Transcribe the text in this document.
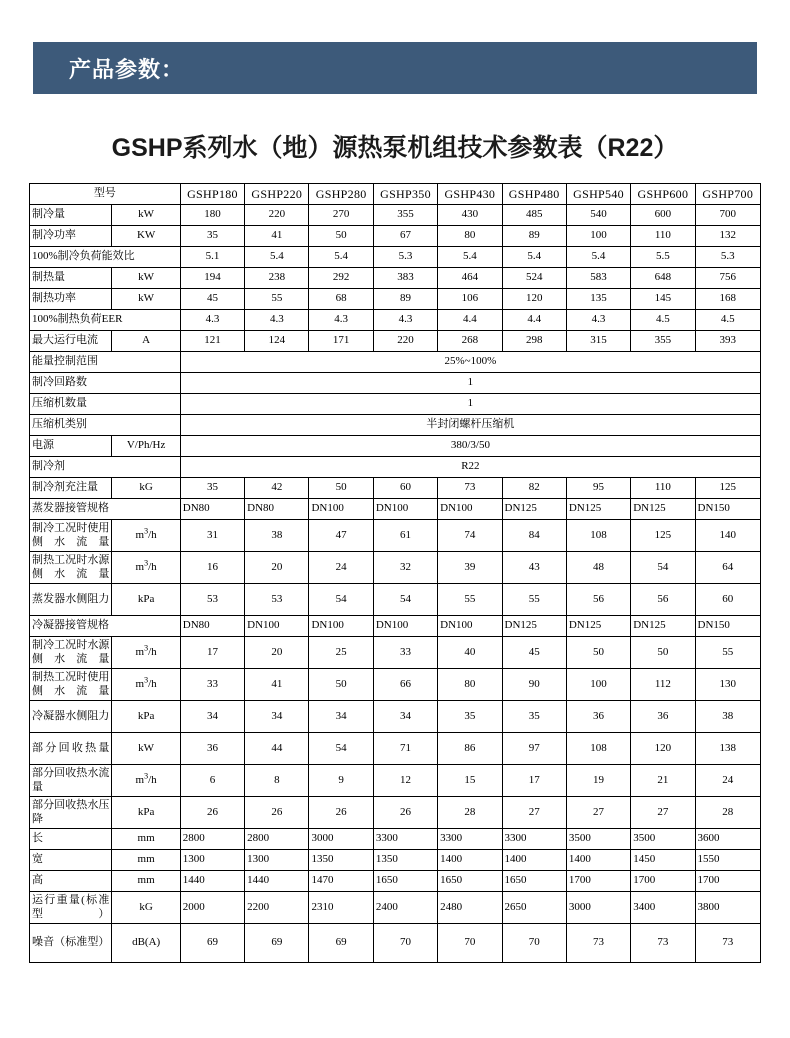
产品参数：
GSHP系列水（地）源热泵机组技术参数表（R22）
型号		GSHP180	GSHP220	GSHP280	GSHP350	GSHP430	GSHP480	GSHP540	GSHP600	GSHP700
制冷量	kW	180	220	270	355	430	485	540	600	700
制冷功率	KW	35	41	50	67	80	89	100	110	132
100%制冷负荷能效比		5.1	5.4	5.4	5.3	5.4	5.4	5.4	5.5	5.3
制热量	kW	194	238	292	383	464	524	583	648	756
制热功率	kW	45	55	68	89	106	120	135	145	168
100%制热负荷EER		4.3	4.3	4.3	4.3	4.4	4.4	4.3	4.5	4.5
最大运行电流	A	121	124	171	220	268	298	315	355	393
能量控制范围		25%~100%								
制冷回路数		1								
压缩机数量		1								
压缩机类别		半封闭螺杆压缩机								
电源	V/Ph/Hz	380/3/50								
制冷剂		R22								
制冷剂充注量	kG	35	42	50	60	73	82	95	110	125
蒸发器接管规格		DN80	DN80	DN100	DN100	DN100	DN125	DN125	DN125	DN150
制冷工况时使用侧水流量	$m^3/h$	31	38	47	61	74	84	108	125	140
制热工况时水源侧水流量	$m^3/h$	16	20	24	32	39	43	48	54	64
蒸发器水侧阻力	kPa	53	53	54	54	55	55	56	56	60
冷凝器接管规格		DN80	DN100	DN100	DN100	DN100	DN125	DN125	DN125	DN150
制冷工况时水源侧水流量	$m^3/h$	17	20	25	33	40	45	50	50	55
制热工况时使用侧水流量	$m^3/h$	33	41	50	66	80	90	100	112	130
冷凝器水侧阻力	kPa	34	34	34	34	35	35	36	36	38
部分回收热量	kW	36	44	54	71	86	97	108	120	138
部分回收热水流量	$m^3/h$	6	8	9	12	15	17	19	21	24
部分回收热水压降	kPa	26	26	26	26	28	27	27	27	28
长	mm	2800	2800	3000	3300	3300	3300	3500	3500	3600
宽	mm	1300	1300	1350	1350	1400	1400	1400	1450	1550
高	mm	1440	1440	1470	1650	1650	1650	1700	1700	1700
运行重量(标准型）	kG	2000	2200	2310	2400	2480	2650	3000	3400	3800
噪音（标准型）	dB(A)	69	69	69	70	70	70	73	73	73
